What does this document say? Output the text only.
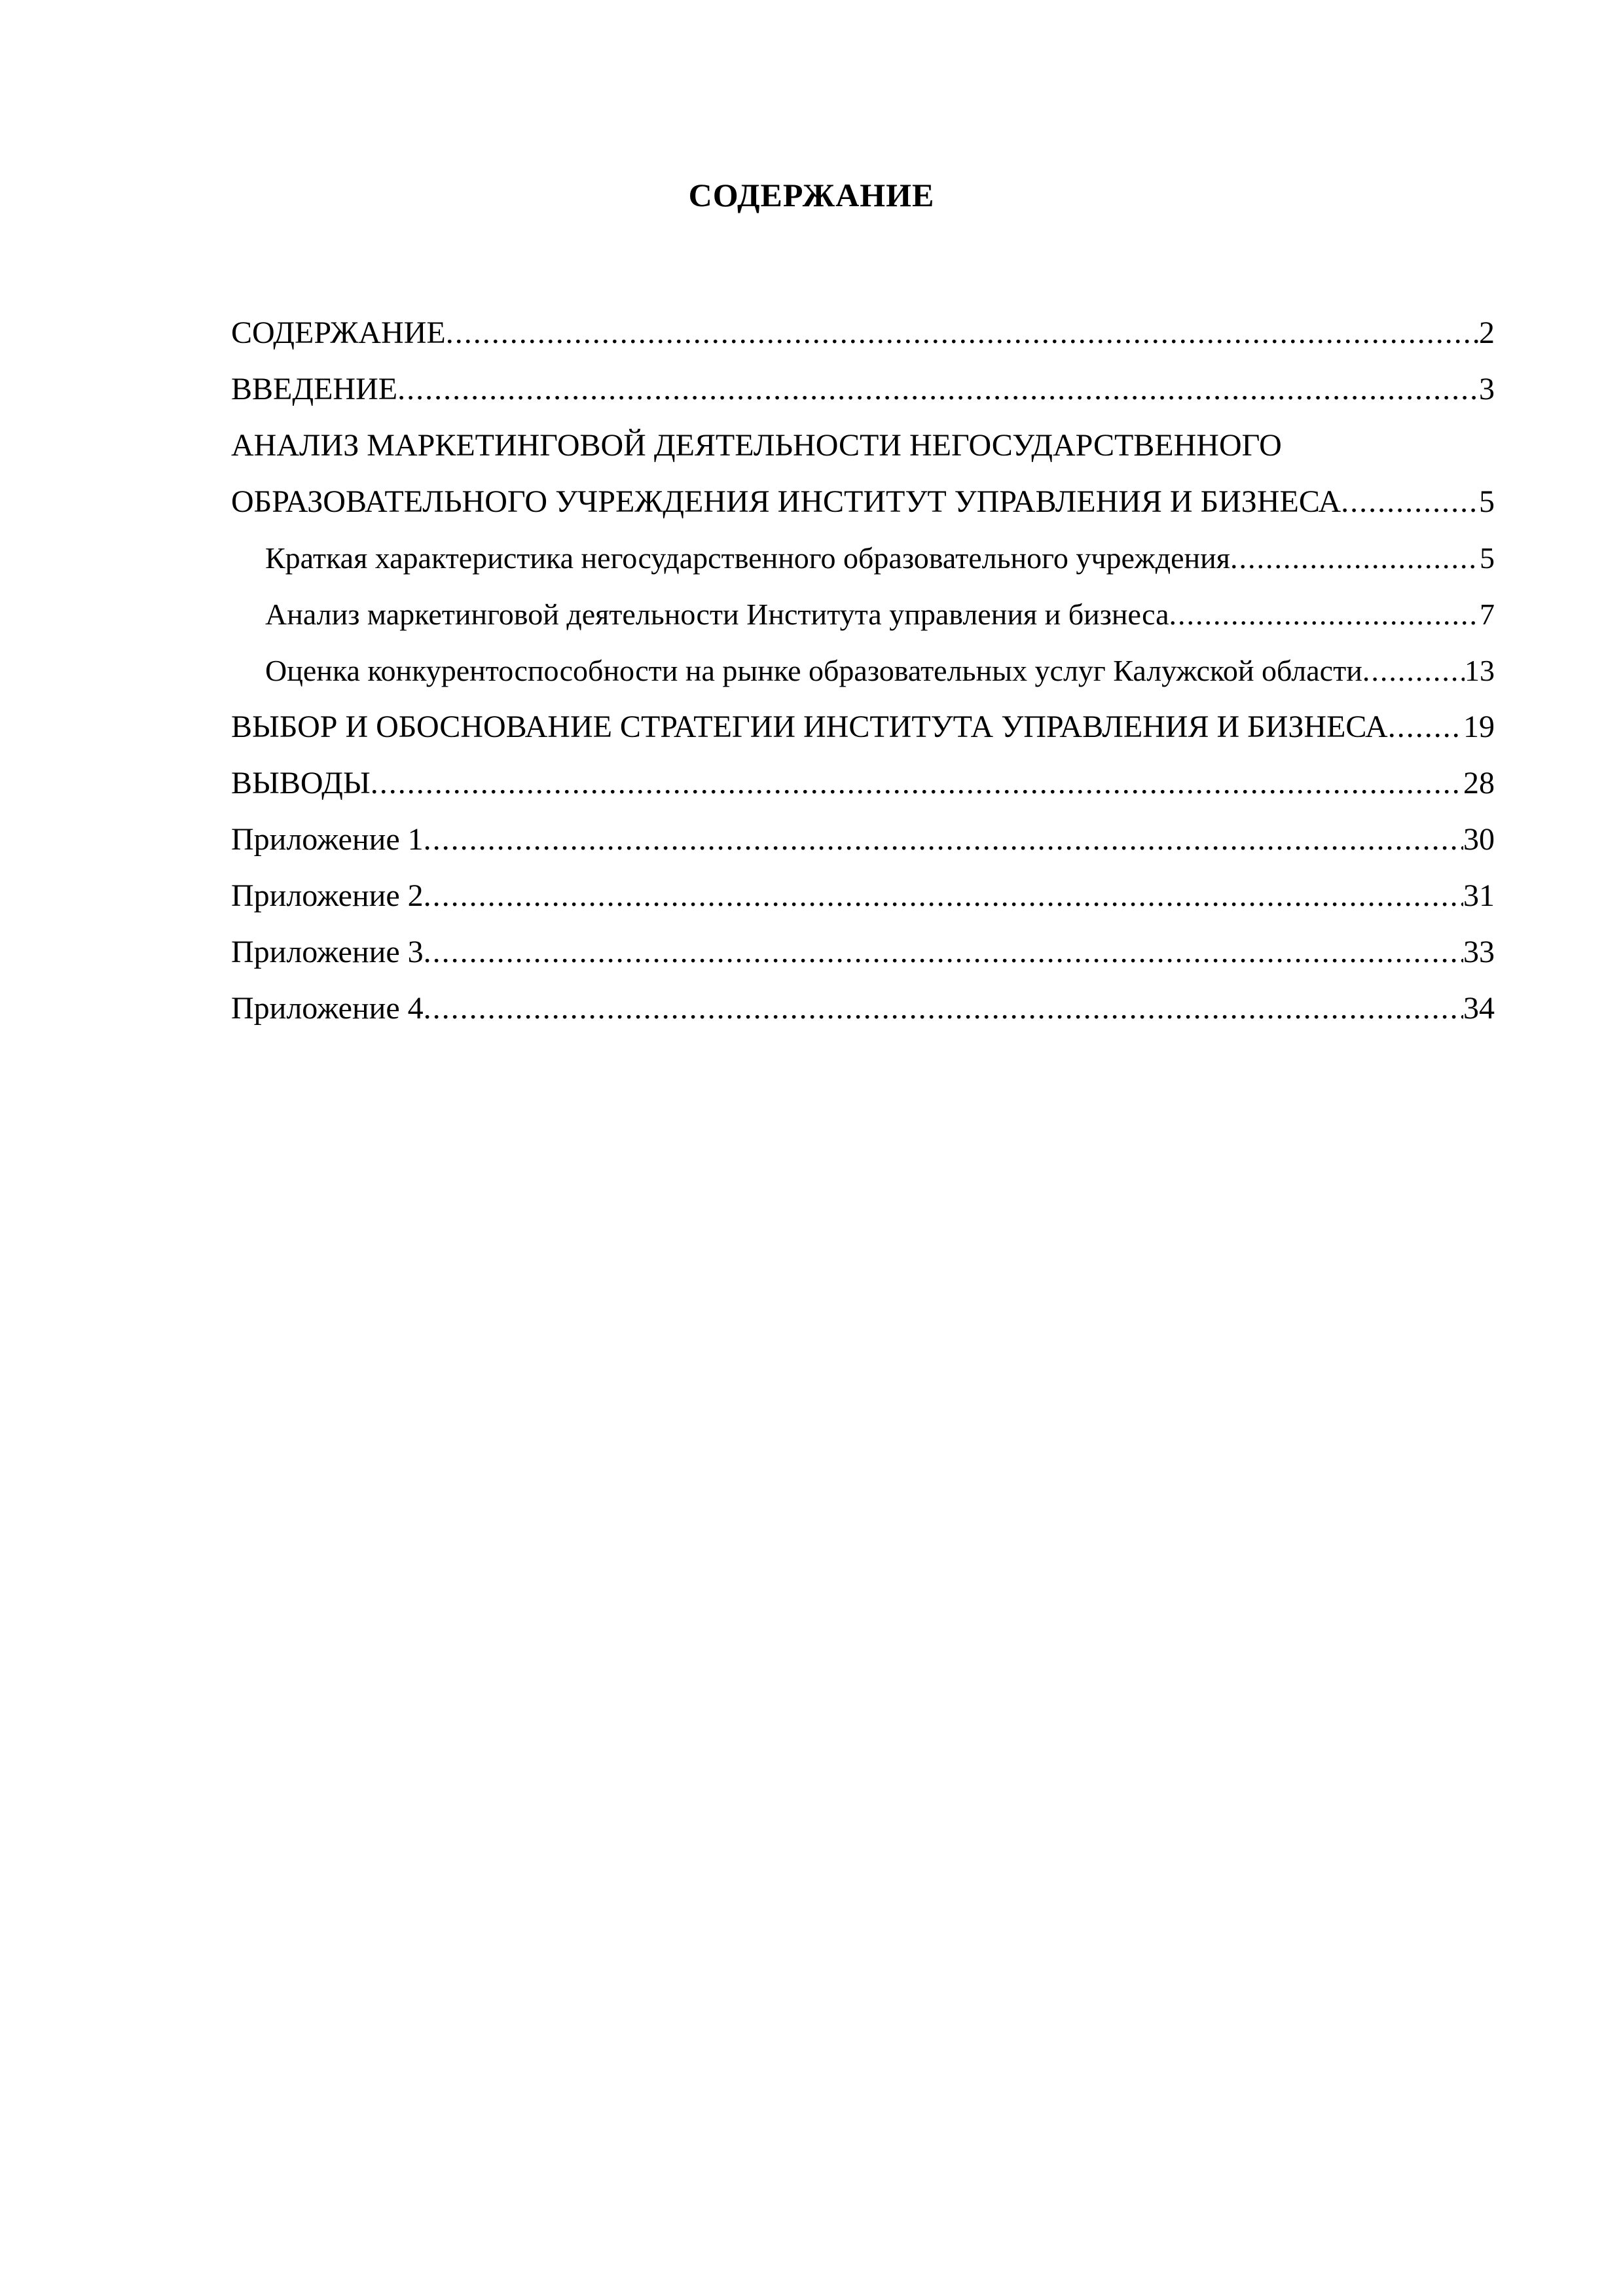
СОДЕРЖАНИЕ
СОДЕРЖАНИЕ .....	2
ВВЕДЕНИЕ .....	3
АНАЛИЗ МАРКЕТИНГОВОЙ ДЕЯТЕЛЬНОСТИ НЕГОСУДАРСТВЕННОГО
ОБРАЗОВАТЕЛЬНОГО УЧРЕЖДЕНИЯ ИНСТИТУТ УПРАВЛЕНИЯ И БИЗНЕСА .....	5
Краткая характеристика негосударственного образовательного учреждения .....	5
Анализ маркетинговой деятельности Института управления и бизнеса .....	7
Оценка конкурентоспособности на рынке образовательных услуг Калужской области .....	13
ВЫБОР И ОБОСНОВАНИЕ СТРАТЕГИИ ИНСТИТУТА УПРАВЛЕНИЯ И БИЗНЕСА ..... 19
ВЫВОДЫ .....	28
Приложение 1 .....	30
Приложение 2 .....	31
Приложение 3 .....	33
Приложение 4 .....	34
